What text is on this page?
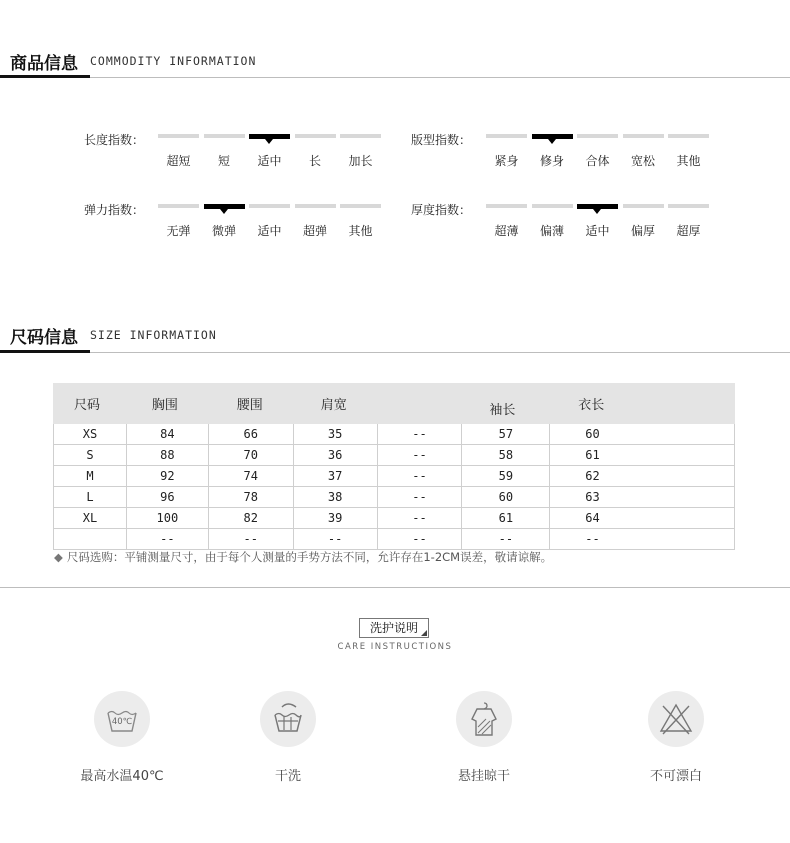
商品信息 COMMODITY INFORMATION
长度指数：
超短	短	适中	长	加长
版型指数：
紧身	修身	合体	宽松	其他
弹力指数：
无弹	微弹	适中	超弹	其他
厚度指数：
超薄	偏薄	适中	偏厚	超厚
尺码信息 SIZE INFORMATION
尺码	胸围	腰围	肩宽		袖长	衣长
XS	84	66	35	--	57	60
S	88	70	36	--	58	61
M	92	74	37	--	59	62
L	96	78	38	--	60	63
XL	100	82	39	--	61	64
	--	--	--	--	--	--
◆ 尺码选购：平铺测量尺寸，由于每个人测量的手势方法不同，允许存在1-2CM误差，敬请谅解。
洗护说明
CARE INSTRUCTIONS
40℃
最高水温40℃	干洗	悬挂晾干	不可漂白
